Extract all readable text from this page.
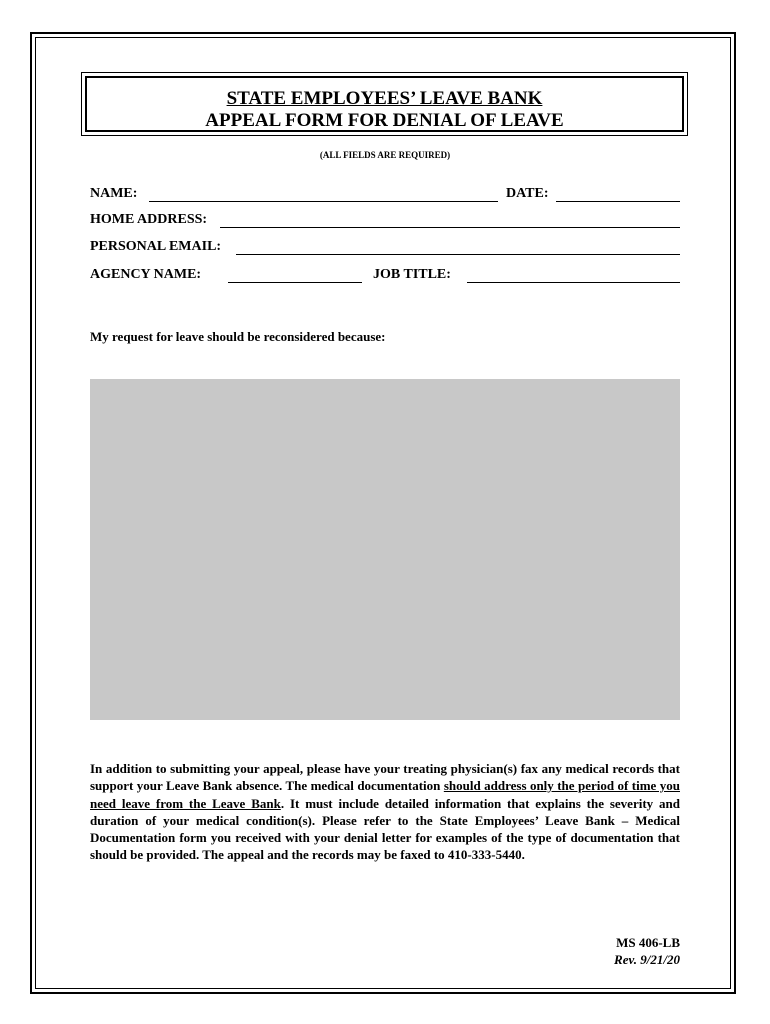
STATE EMPLOYEES’ LEAVE BANK
APPEAL FORM FOR DENIAL OF LEAVE
(ALL FIELDS ARE REQUIRED)
NAME:	DATE:
HOME ADDRESS:
PERSONAL EMAIL:
AGENCY NAME:	JOB TITLE:
My request for leave should be reconsidered because:
In addition to submitting your appeal, please have your treating physician(s) fax any medical records that support your Leave Bank absence. The medical documentation should address only the period of time you need leave from the Leave Bank. It must include detailed information that explains the severity and duration of your medical condition(s). Please refer to the State Employees’ Leave Bank – Medical Documentation form you received with your denial letter for examples of the type of documentation that should be provided. The appeal and the records may be faxed to 410-333-5440.
MS 406-LB
Rev. 9/21/20
